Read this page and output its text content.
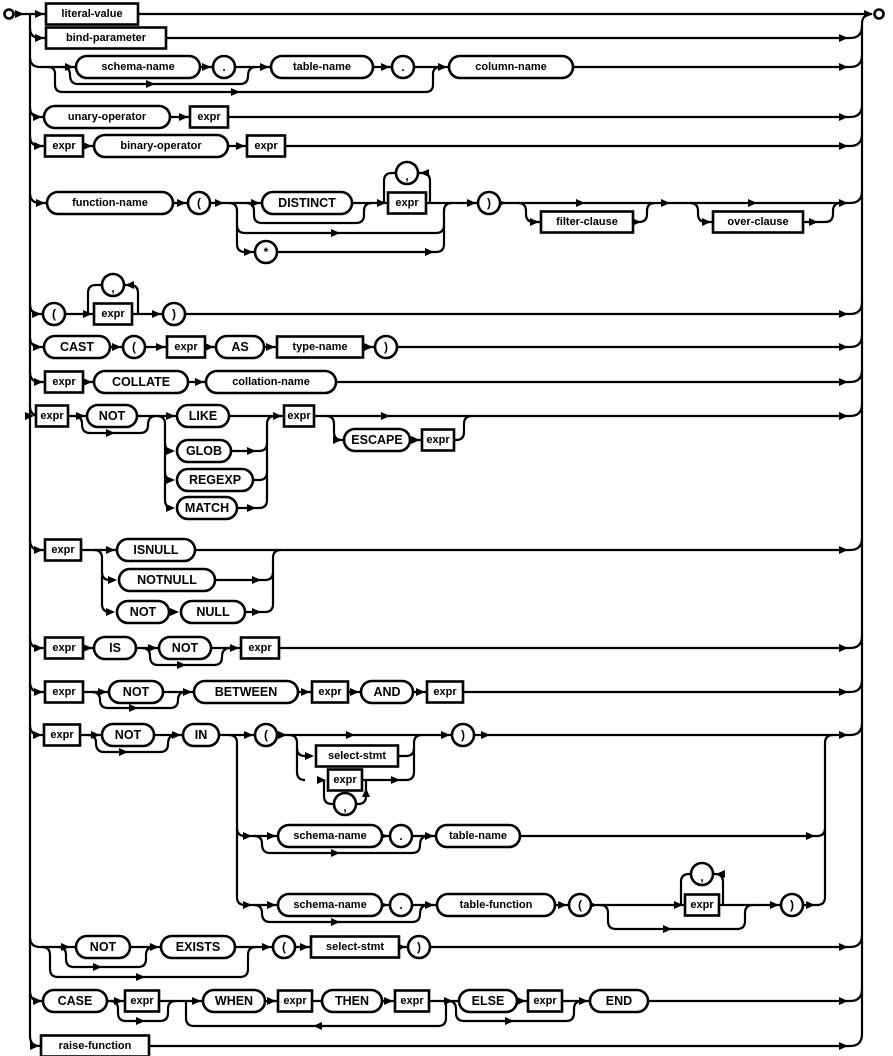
literal-value
bind-parameter
schema-name	.	table-name	.	column-name
unary-operator	expr
expr	binary-operator	expr
function-name	(	DISTINCT	expr
,
*
)
filter-clause	over-clause
(	expr
,
)
CAST	(	expr	AS	type-name	)
expr	COLLATE	collation-name
expr	NOT	LIKE
GLOB
REGEXP
MATCH
expr
ESCAPE expr
expr	ISNULL
NOTNULL
NOT	NULL
expr	IS	NOT	expr
expr	NOT	BETWEEN	expr	AND	expr
expr	NOT	IN	(
select-stmt
expr
,
)
schema-name	.	table-name
schema-name	.	table-function	(	expr
,
)
NOT	EXISTS	(	select-stmt	)
CASE	expr	WHEN	expr THEN	expr	ELSE	expr	END
raise-function
